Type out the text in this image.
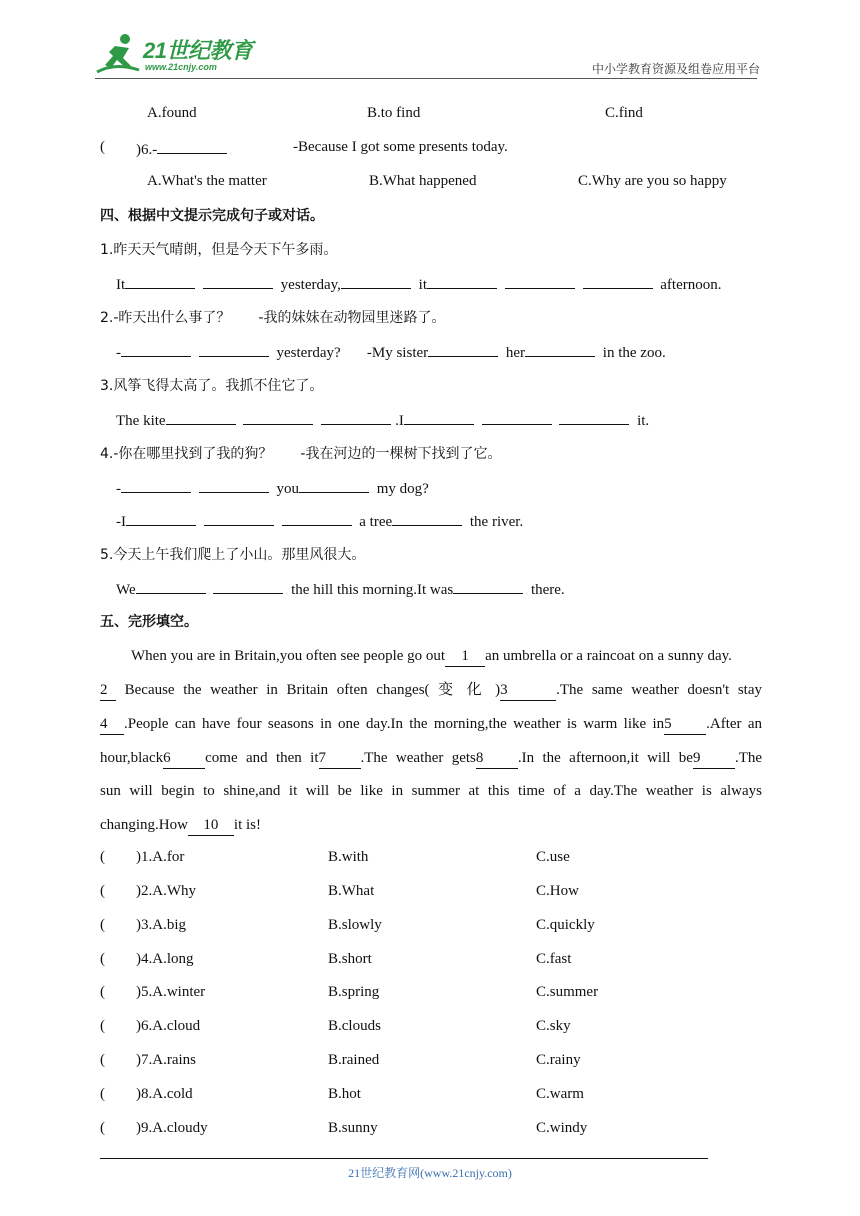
21世纪教育
www.21cnjy.com	中小学教育资源及组卷应用平台
A.found	B.to find	C.find
( )6.-	-Because I got some presents today.
A.What's the matter	B.What happened	C.Why are you so happy
四、根据中文提示完成句子或对话。
1.昨天天气晴朗，但是今天下午多雨。
It	yesterday,	it	afternoon.
2.-昨天出什么事了？　　-我的妹妹在动物园里迷路了。
-	yesterday? -My sister	her	in the zoo.
3.风筝飞得太高了。我抓不住它了。
The kite	.I	it.
4.-你在哪里找到了我的狗？　　-我在河边的一棵树下找到了它。
-	you	my dog?
-I	a tree	the river.
5.今天上午我们爬上了小山。那里风很大。
We	the hill this morning.It was	there.
五、完形填空。
When you are in Britain,you often see people go out 1 an umbrella or a raincoat on a sunny day.
2 Because the weather in Britain often changes( 变 化 )3	.The same weather doesn't stay
4 .People can have four seasons in one day.In the morning,the weather is warm like in5 .After an
hour,black6 come and then it7 .The weather gets8 .In the afternoon,it will be9 .The
sun will begin to shine,and it will be like in summer at this time of a day.The weather is always
changing.How 10 it is!
( )1.A.for	B.with	C.use
( )2.A.Why	B.What	C.How
( )3.A.big	B.slowly	C.quickly
( )4.A.long	B.short	C.fast
( )5.A.winter	B.spring	C.summer
( )6.A.cloud	B.clouds	C.sky
( )7.A.rains	B.rained	C.rainy
( )8.A.cold	B.hot	C.warm
( )9.A.cloudy	B.sunny	C.windy
21世纪教育网(www.21cnjy.com)
